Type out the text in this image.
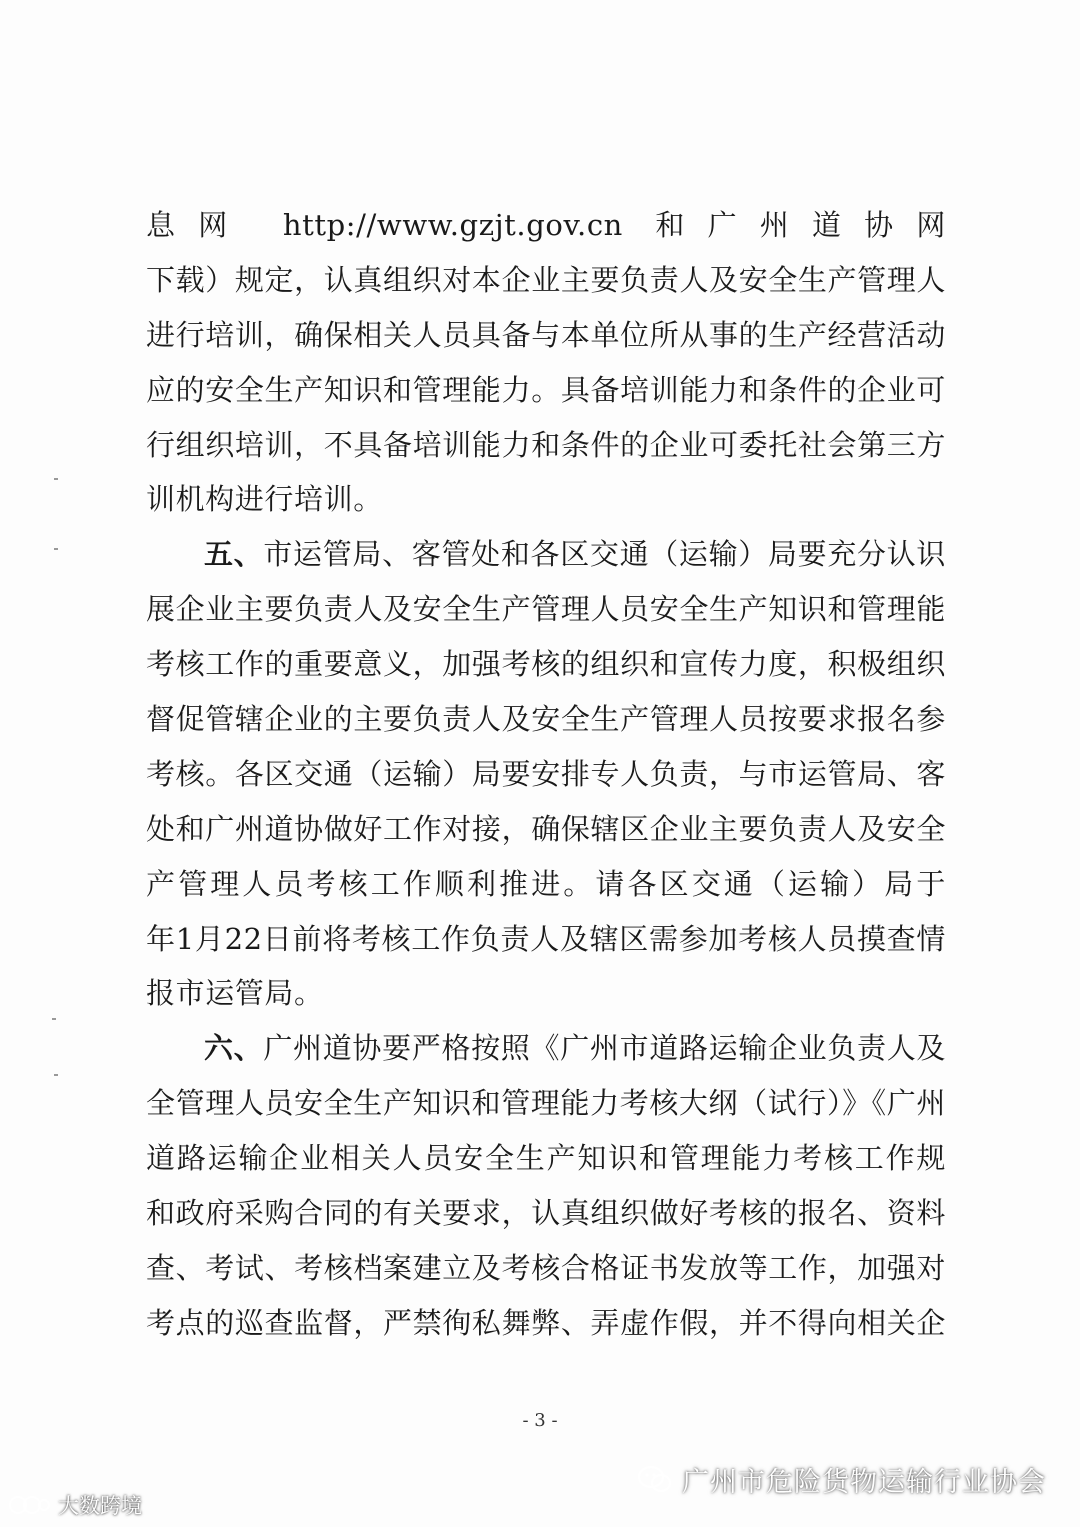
息网 http://www.gzjt.gov.cn 和广州道协网
下载）规定，认真组织对本企业主要负责人及安全生产管理人
进行培训，确保相关人员具备与本单位所从事的生产经营活动
应的安全生产知识和管理能力。具备培训能力和条件的企业可
行组织培训，不具备培训能力和条件的企业可委托社会第三方
训机构进行培训。
五、市运管局、客管处和各区交通（运输）局要充分认识
展企业主要负责人及安全生产管理人员安全生产知识和管理能
考核工作的重要意义，加强考核的组织和宣传力度，积极组织
督促管辖企业的主要负责人及安全生产管理人员按要求报名参
考核。各区交通（运输）局要安排专人负责，与市运管局、客
处和广州道协做好工作对接，确保辖区企业主要负责人及安全
产管理人员考核工作顺利推进。请各区交通（运输）局于
年1月22日前将考核工作负责人及辖区需参加考核人员摸查情
报市运管局。
六、广州道协要严格按照《广州市道路运输企业负责人及
全管理人员安全生产知识和管理能力考核大纲（试行）》《广州
道路运输企业相关人员安全生产知识和管理能力考核工作规
和政府采购合同的有关要求，认真组织做好考核的报名、资料
查、考试、考核档案建立及考核合格证书发放等工作，加强对
考点的巡查监督，严禁徇私舞弊、弄虚作假，并不得向相关企
- 3 -
广州市危险货物运输行业协会
大数跨境
